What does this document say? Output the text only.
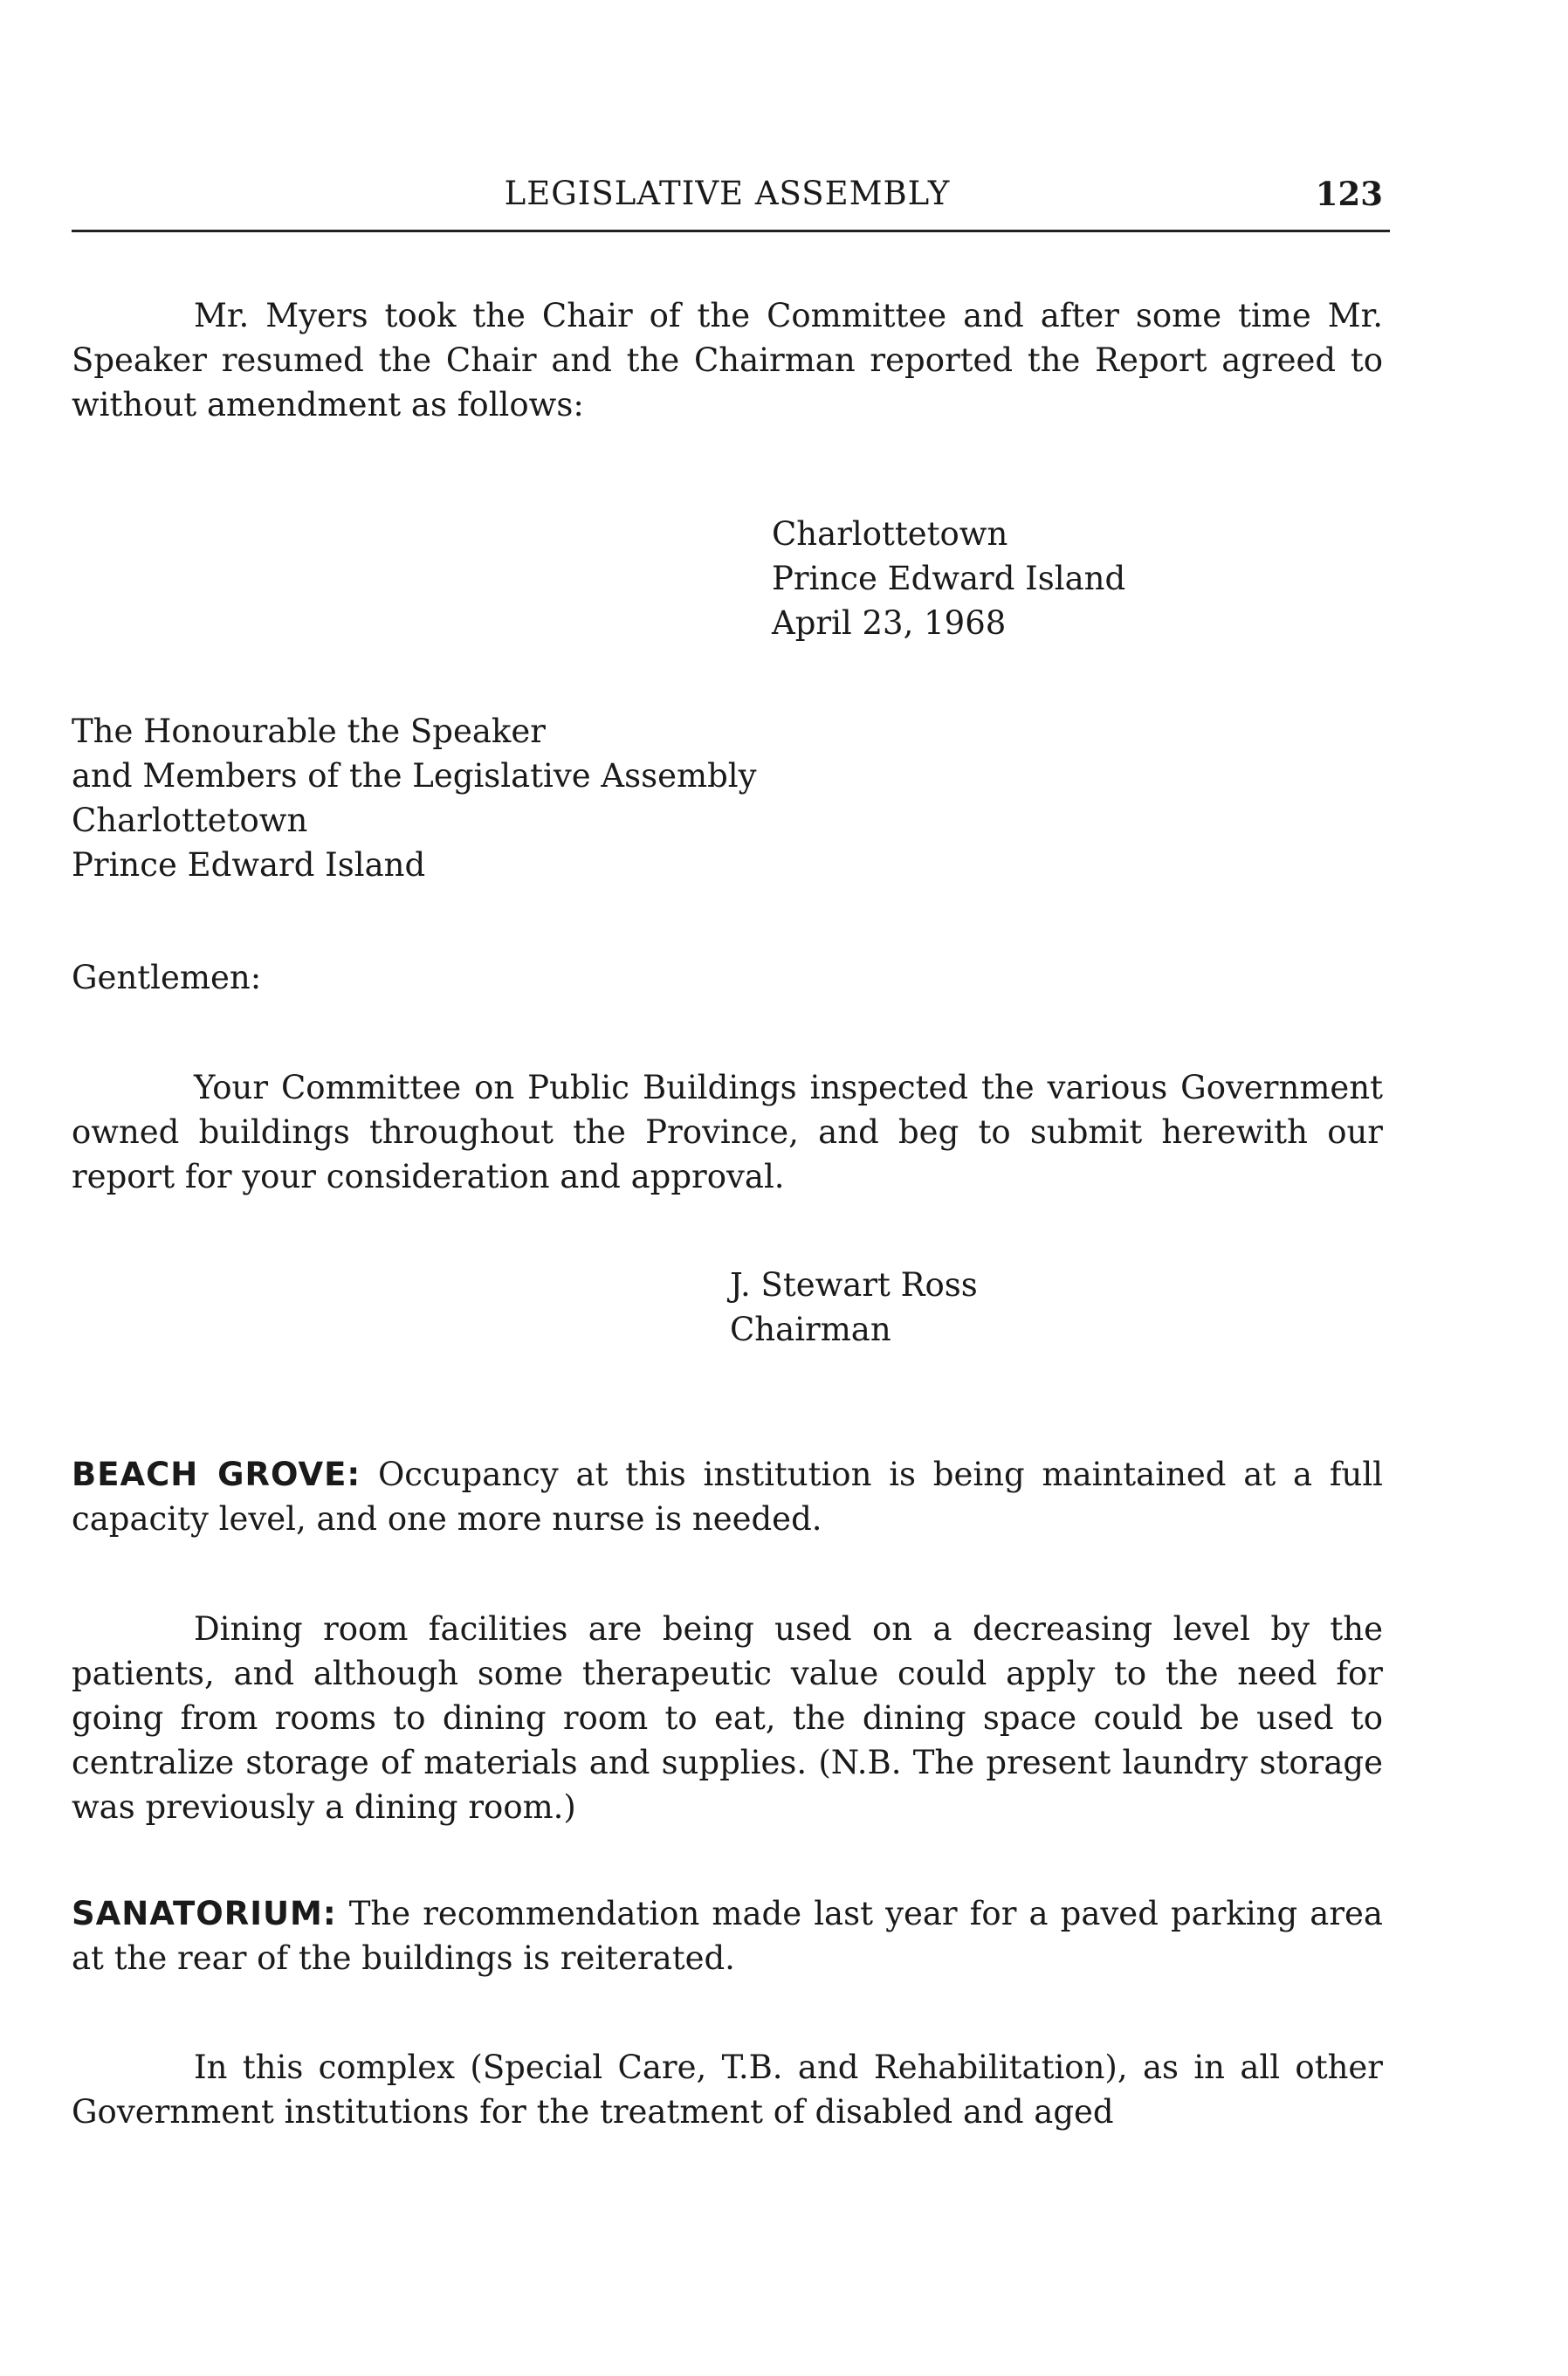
LEGISLATIVE ASSEMBLY	123

Mr. Myers took the Chair of the Committee and after some time Mr. Speaker resumed the Chair and the Chairman reported the Report agreed to without amendment as follows:

Charlottetown
Prince Edward Island
April 23, 1968
The Honourable the Speaker
and Members of the Legislative Assembly
Charlottetown
Prince Edward Island
Gentlemen:

Your Committee on Public Buildings inspected the various Government owned buildings throughout the Province, and beg to submit herewith our report for your consideration and approval.

J. Stewart Ross
Chairman

BEACH GROVE: Occupancy at this institution is being maintained at a full capacity level, and one more nurse is needed.

Dining room facilities are being used on a decreasing level by the patients, and although some therapeutic value could apply to the need for going from rooms to dining room to eat, the dining space could be used to centralize storage of materials and supplies. (N.B. The present laundry storage was previously a dining room.)

SANATORIUM: The recommendation made last year for a paved parking area at the rear of the buildings is reiterated.

In this complex (Special Care, T.B. and Rehabilitation), as in all other Government institutions for the treatment of disabled and aged
